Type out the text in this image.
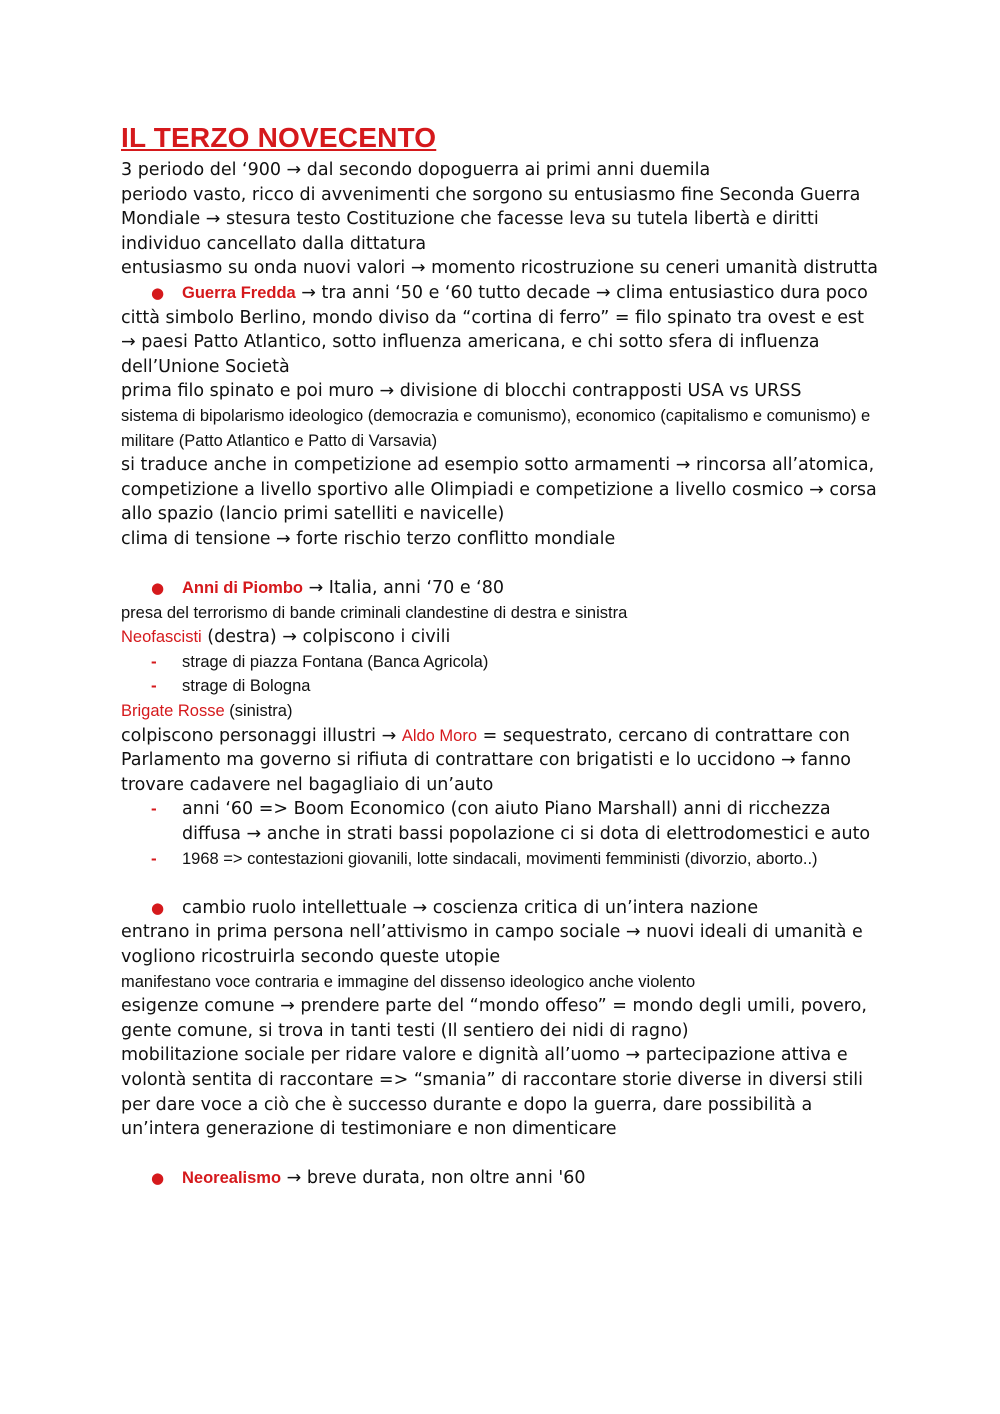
IL TERZO NOVECENTO

3 periodo del ‘900 → dal secondo dopoguerra ai primi anni duemila

periodo vasto, ricco di avvenimenti che sorgono su entusiasmo fine Seconda Guerra Mondiale → stesura testo Costituzione che facesse leva su tutela libertà e diritti individuo cancellato dalla dittatura

entusiasmo su onda nuovi valori → momento ricostruzione su ceneri umanità distrutta

● Guerra Fredda → tra anni ‘50 e ‘60 tutto decade → clima entusiastico dura poco

città simbolo Berlino, mondo diviso da “cortina di ferro” = filo spinato tra ovest e est → paesi Patto Atlantico, sotto influenza americana, e chi sotto sfera di influenza dell’Unione Società

prima filo spinato e poi muro → divisione di blocchi contrapposti USA vs URSS

sistema di bipolarismo ideologico (democrazia e comunismo), economico (capitalismo e comunismo) e militare (Patto Atlantico e Patto di Varsavia)

si traduce anche in competizione ad esempio sotto armamenti → rincorsa all’atomica, competizione a livello sportivo alle Olimpiadi e competizione a livello cosmico → corsa allo spazio (lancio primi satelliti e navicelle)

clima di tensione → forte rischio terzo conflitto mondiale

● Anni di Piombo → Italia, anni ‘70 e ‘80

presa del terrorismo di bande criminali clandestine di destra e sinistra

Neofascisti (destra) → colpiscono i civili

- strage di piazza Fontana (Banca Agricola)

- strage di Bologna

Brigate Rosse (sinistra)

colpiscono personaggi illustri → Aldo Moro = sequestrato, cercano di contrattare con Parlamento ma governo si rifiuta di contrattare con brigatisti e lo uccidono → fanno trovare cadavere nel bagagliaio di un’auto

- anni ‘60 => Boom Economico (con aiuto Piano Marshall) anni di ricchezza diffusa → anche in strati bassi popolazione ci si dota di elettrodomestici e auto

- 1968 => contestazioni giovanili, lotte sindacali, movimenti femministi (divorzio, aborto..)

● cambio ruolo intellettuale → coscienza critica di un’intera nazione

entrano in prima persona nell’attivismo in campo sociale → nuovi ideali di umanità e vogliono ricostruirla secondo queste utopie

manifestano voce contraria e immagine del dissenso ideologico anche violento

esigenze comune → prendere parte del “mondo offeso” = mondo degli umili, povero, gente comune, si trova in tanti testi (Il sentiero dei nidi di ragno)

mobilitazione sociale per ridare valore e dignità all’uomo → partecipazione attiva e volontà sentita di raccontare => “smania” di raccontare storie diverse in diversi stili per dare voce a ciò che è successo durante e dopo la guerra, dare possibilità a un’intera generazione di testimoniare e non dimenticare

● Neorealismo → breve durata, non oltre anni '60
